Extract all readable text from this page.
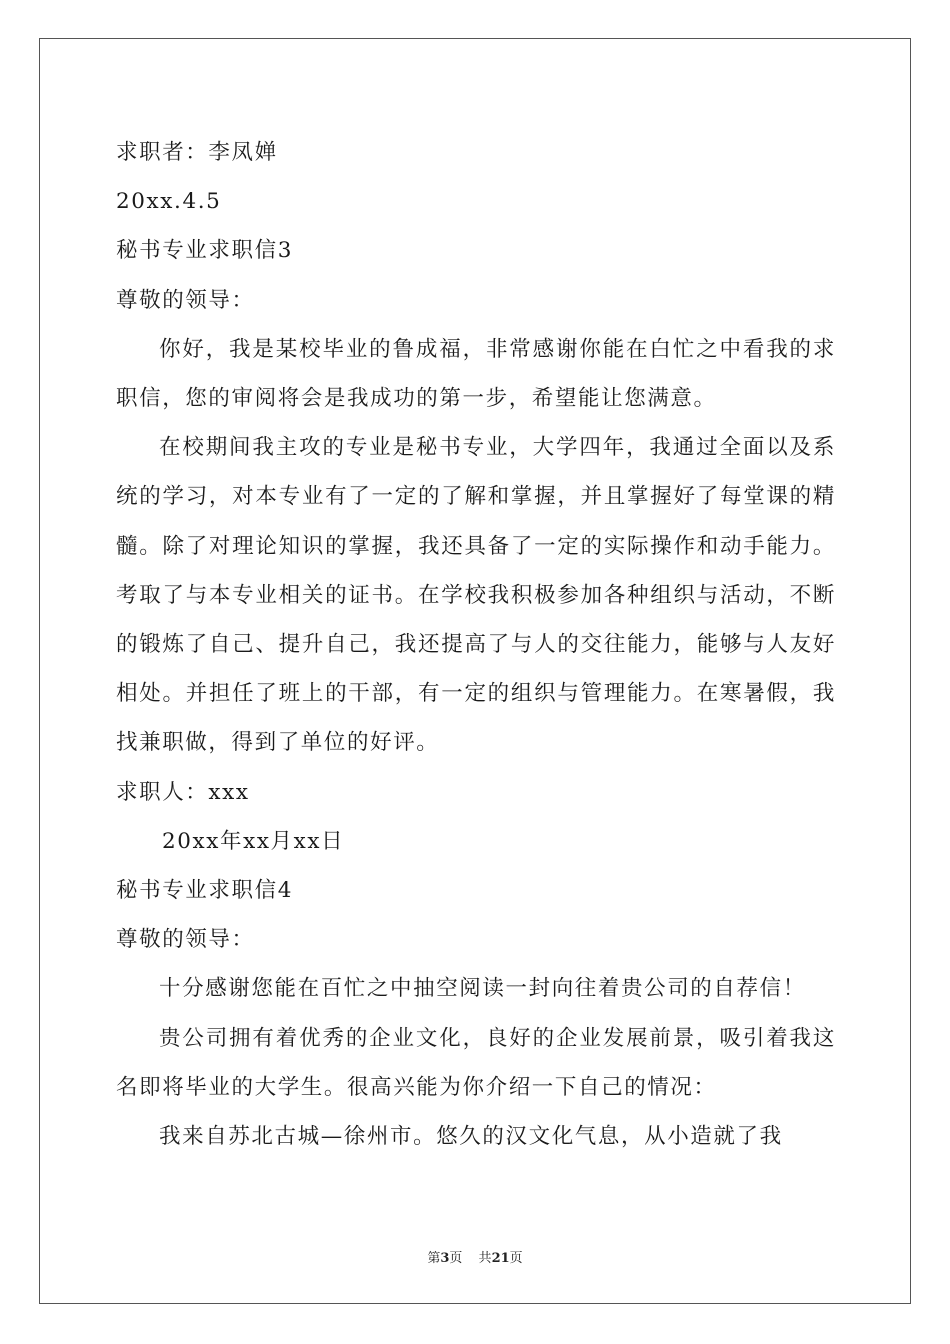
求职者：李凤婵
20xx.4.5
秘书专业求职信3
尊敬的领导：
你好，我是某校毕业的鲁成福，非常感谢你能在白忙之中看我的求职信，您的审阅将会是我成功的第一步，希望能让您满意。
在校期间我主攻的专业是秘书专业，大学四年，我通过全面以及系统的学习，对本专业有了一定的了解和掌握，并且掌握好了每堂课的精髓。除了对理论知识的掌握，我还具备了一定的实际操作和动手能力。考取了与本专业相关的证书。在学校我积极参加各种组织与活动，不断的锻炼了自己、提升自己，我还提高了与人的交往能力，能够与人友好相处。并担任了班上的干部，有一定的组织与管理能力。在寒暑假，我找兼职做，得到了单位的好评。
求职人：xxx
20xx年xx月xx日
秘书专业求职信4
尊敬的领导：
十分感谢您能在百忙之中抽空阅读一封向往着贵公司的自荐信！
贵公司拥有着优秀的企业文化，良好的企业发展前景，吸引着我这名即将毕业的大学生。很高兴能为你介绍一下自己的情况：
我来自苏北古城—徐州市。悠久的汉文化气息，从小造就了我
第3页 共21页
